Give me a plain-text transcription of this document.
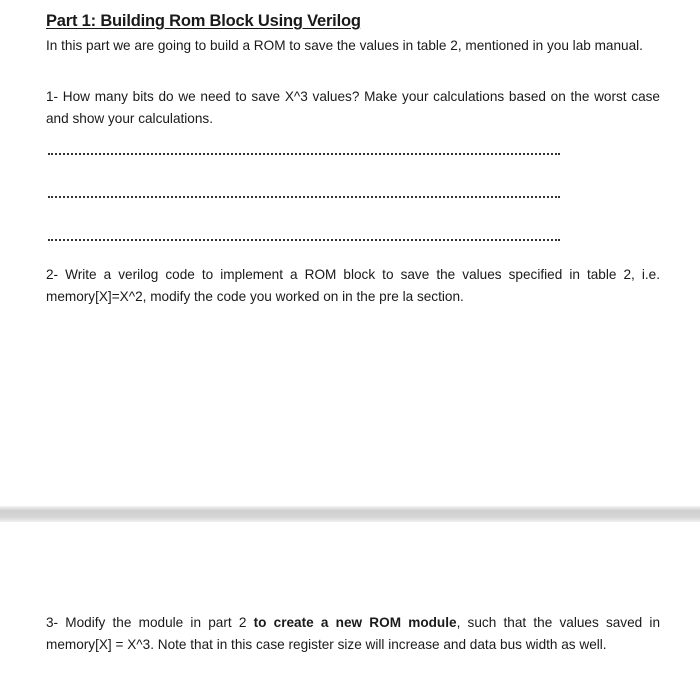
Part 1: Building Rom Block Using Verilog
In this part we are going to build a ROM to save the values in table 2, mentioned in you lab manual.
1- How many bits do we need to save X^3 values? Make your calculations based on the worst case and show your calculations.
2- Write a verilog code to implement a ROM block to save the values specified in table 2, i.e. memory[X]=X^2, modify the code you worked on in the pre la section.
3- Modify the module in part 2 to create a new ROM module, such that the values saved in memory[X] = X^3. Note that in this case register size will increase and data bus width as well.
